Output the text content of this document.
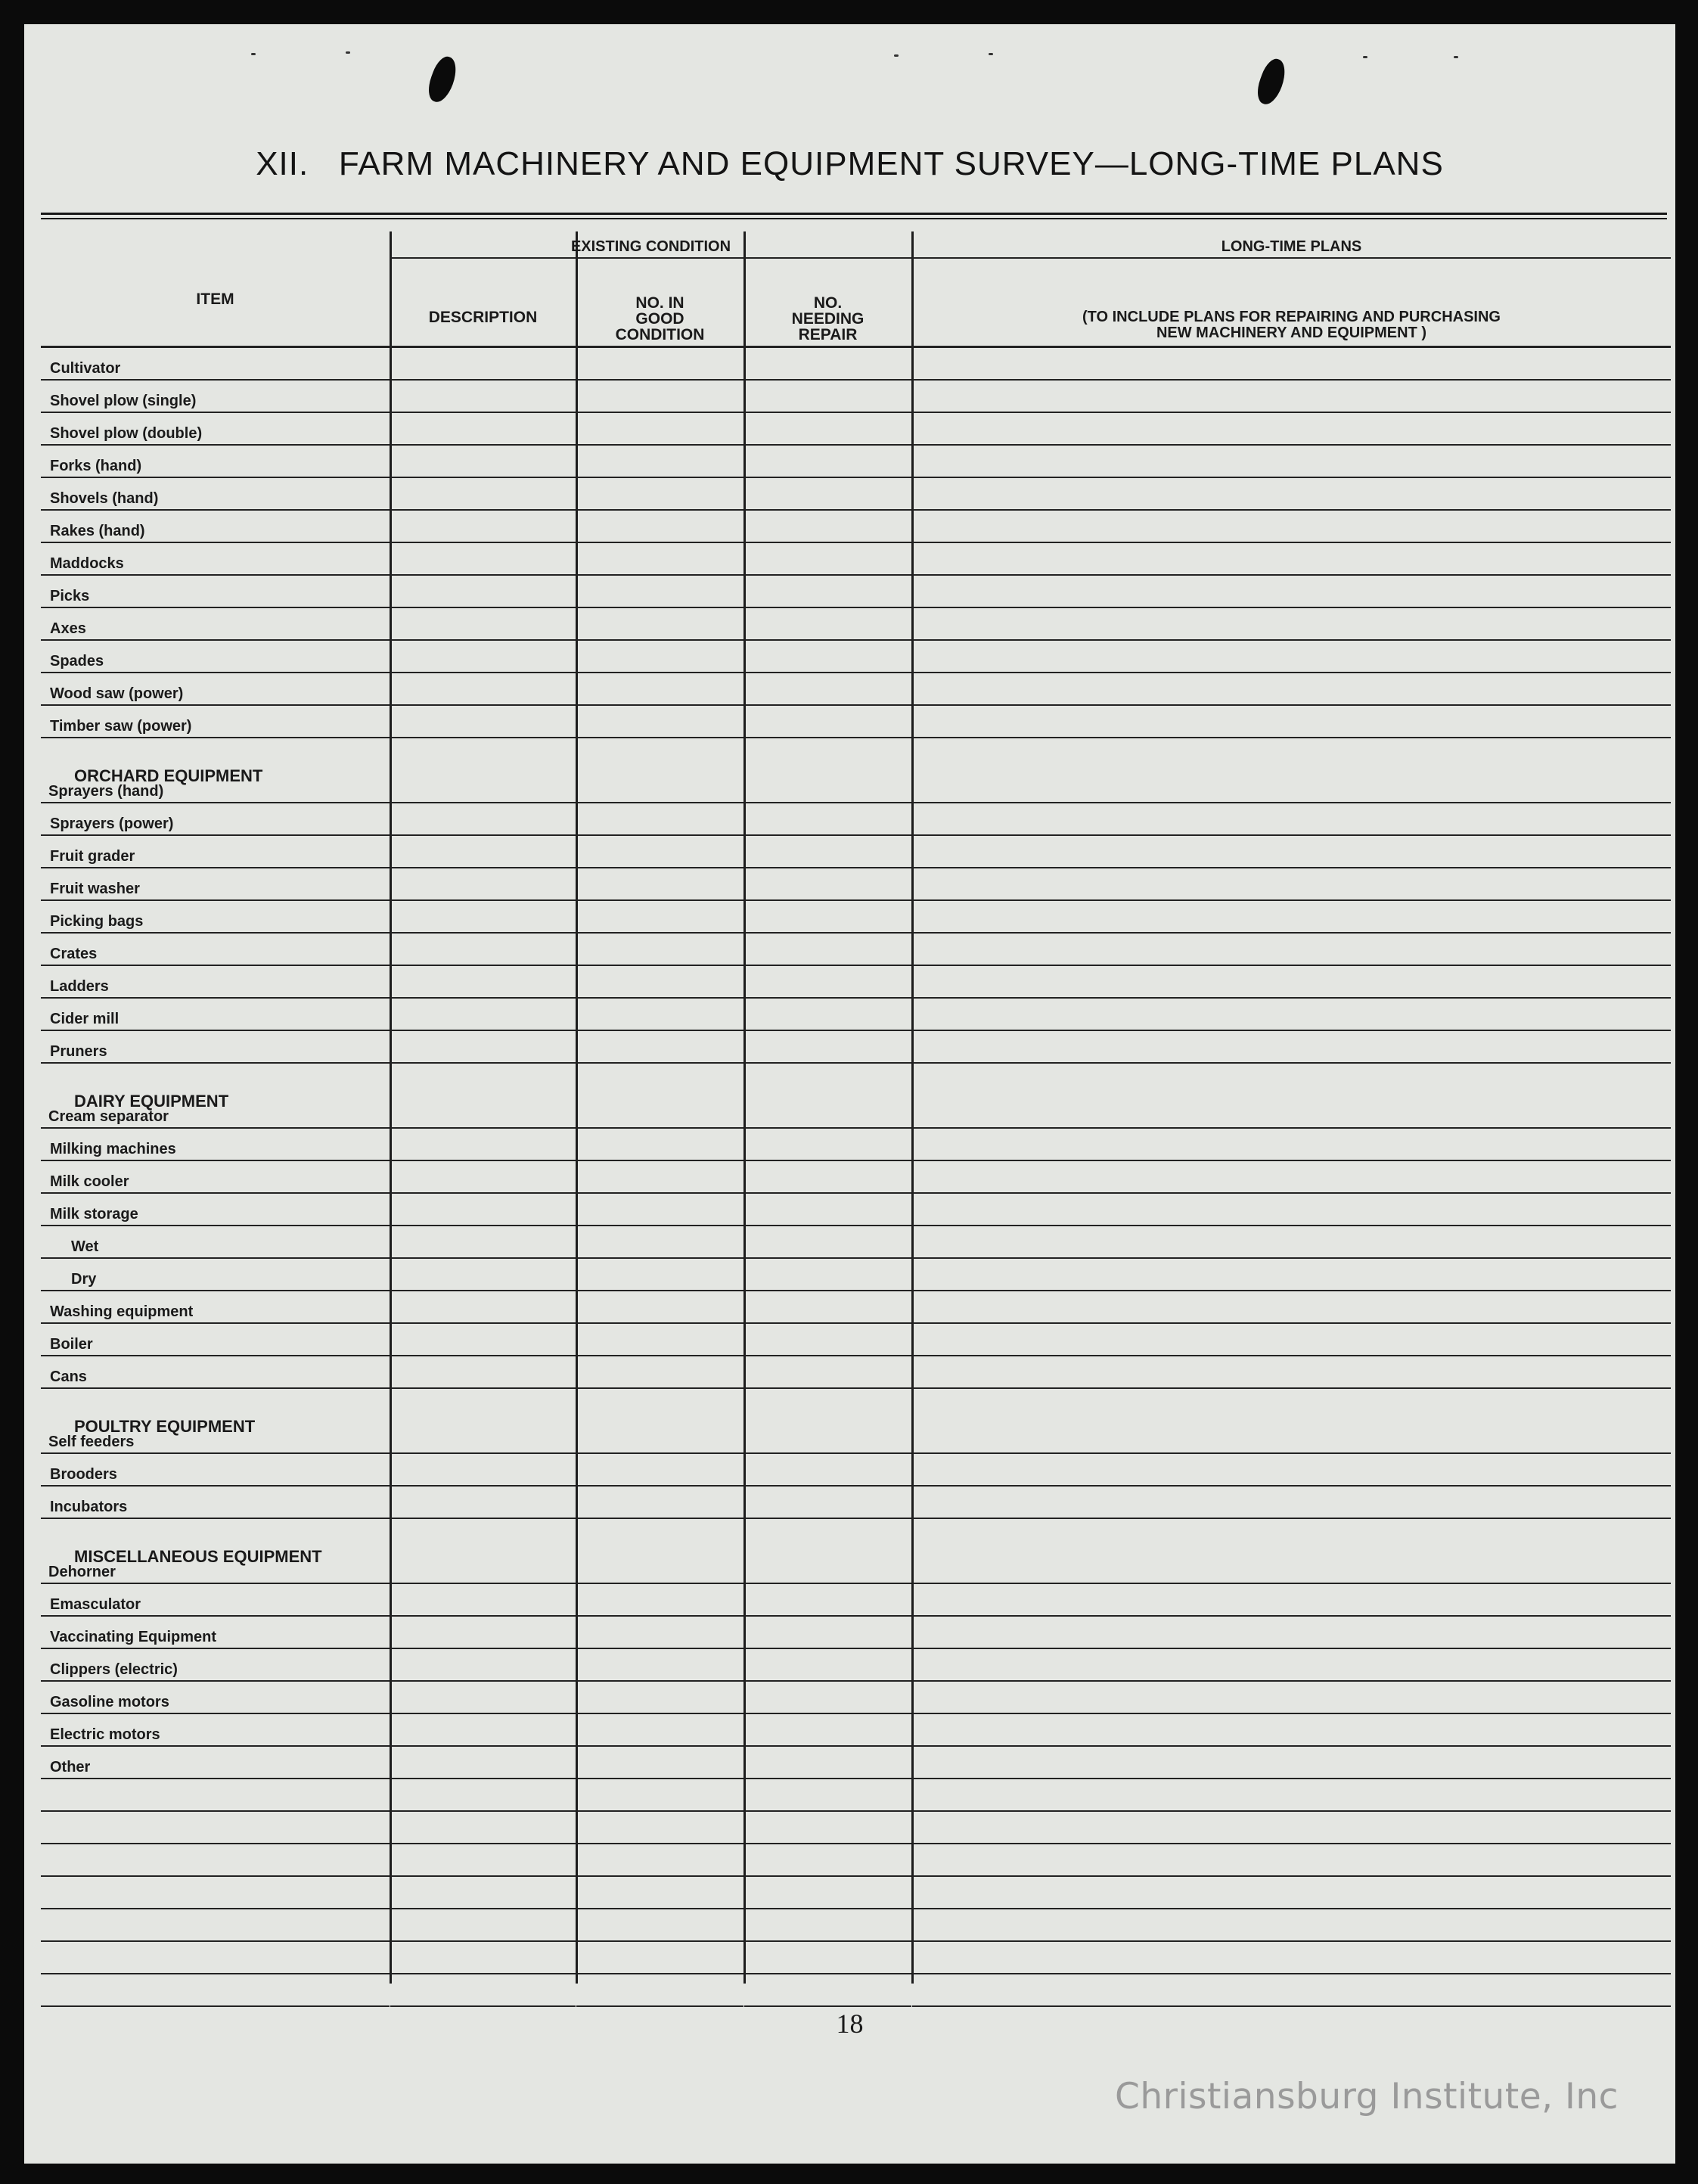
XII.   FARM MACHINERY AND EQUIPMENT SURVEY—LONG-TIME PLANS
ITEM
EXISTING CONDITION
DESCRIPTION
NO. IN
GOOD
CONDITION
NO.
NEEDING
REPAIR
LONG-TIME PLANS
(TO INCLUDE PLANS FOR REPAIRING AND PURCHASING
NEW MACHINERY AND EQUIPMENT )
Cultivator
Shovel plow (single)
Shovel plow (double)
Forks (hand)
Shovels (hand)
Rakes (hand)
Maddocks
Picks
Axes
Spades
Wood saw (power)
Timber saw (power)
ORCHARD EQUIPMENT
Sprayers (hand)
Sprayers (power)
Fruit grader
Fruit washer
Picking bags
Crates
Ladders
Cider mill
Pruners
DAIRY EQUIPMENT
Cream separator
Milking machines
Milk cooler
Milk storage
Wet
Dry
Washing equipment
Boiler
Cans
POULTRY EQUIPMENT
Self feeders
Brooders
Incubators
MISCELLANEOUS EQUIPMENT
Dehorner
Emasculator
Vaccinating Equipment
Clippers (electric)
Gasoline motors
Electric motors
Other
18
Christiansburg Institute, Inc
